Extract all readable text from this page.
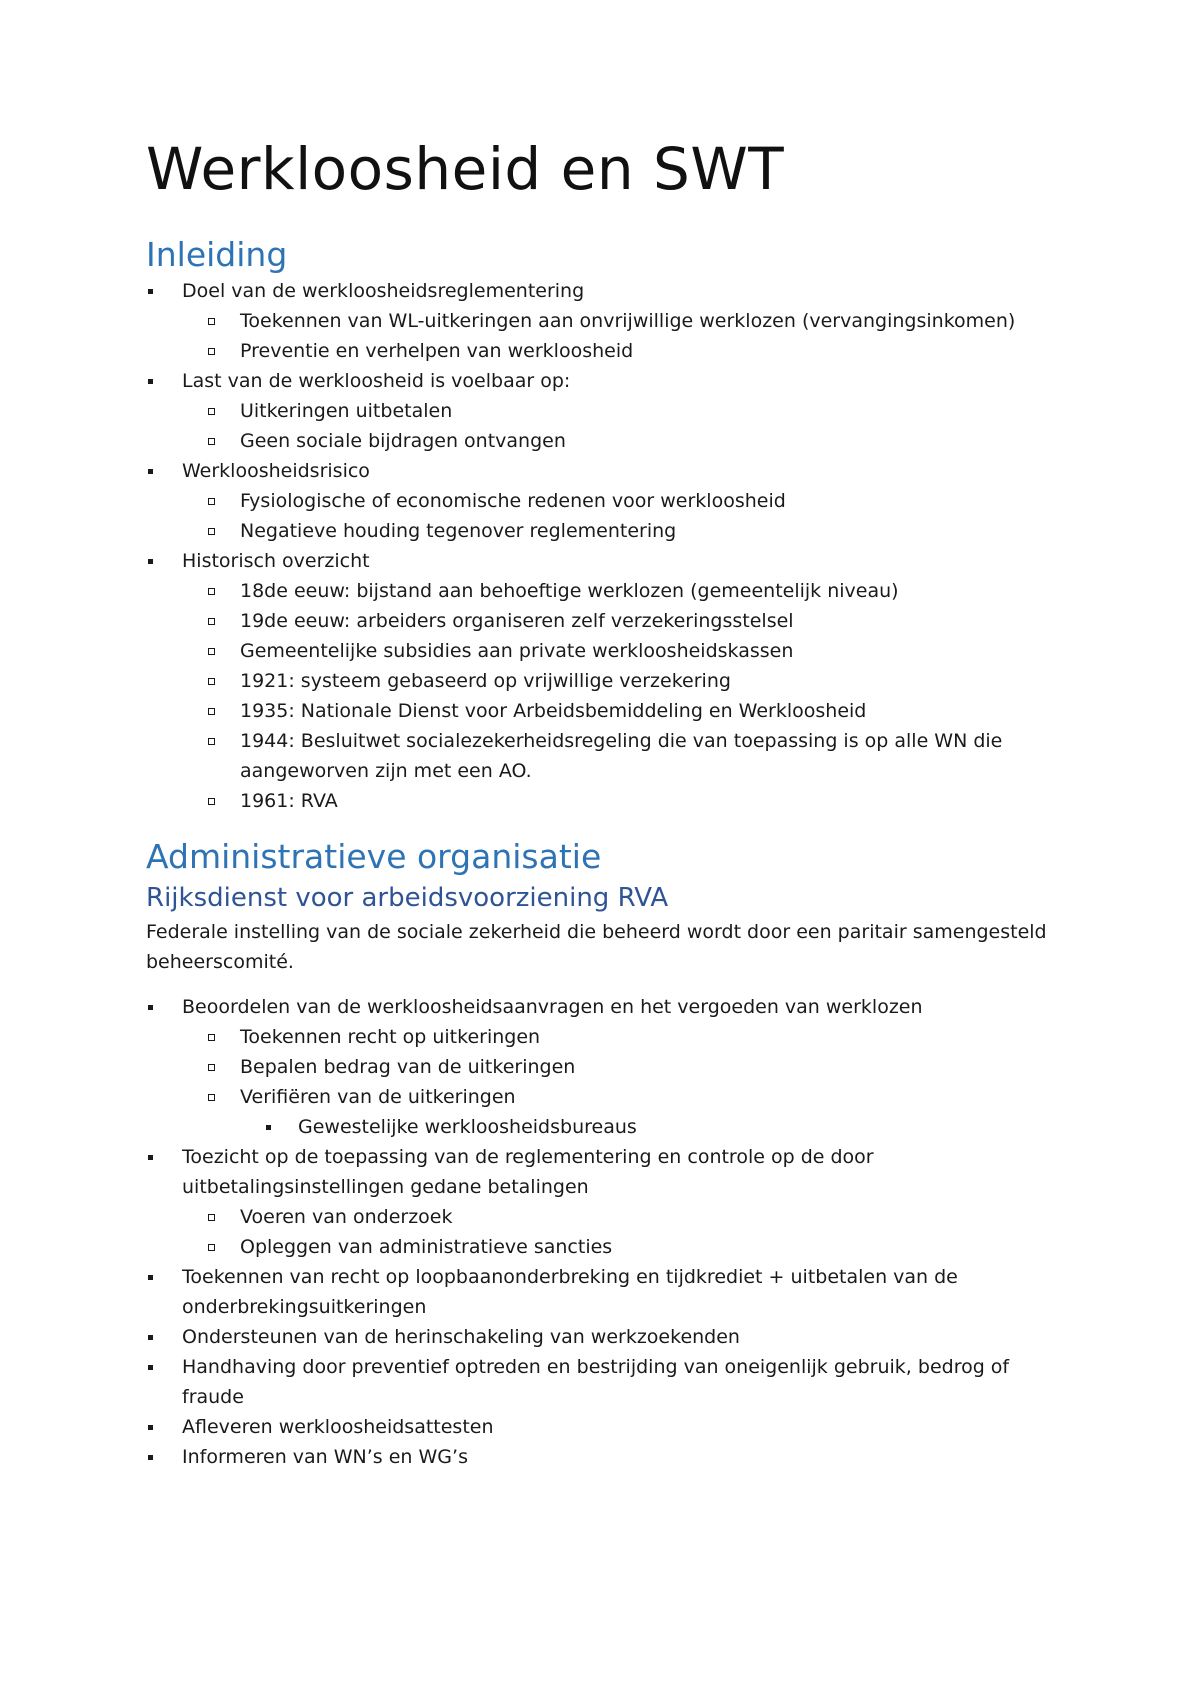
Werkloosheid en SWT
Inleiding
Doel van de werkloosheidsreglementering
Toekennen van WL-uitkeringen aan onvrijwillige werklozen (vervangingsinkomen)
Preventie en verhelpen van werkloosheid
Last van de werkloosheid is voelbaar op:
Uitkeringen uitbetalen
Geen sociale bijdragen ontvangen
Werkloosheidsrisico
Fysiologische of economische redenen voor werkloosheid
Negatieve houding tegenover reglementering
Historisch overzicht
18de eeuw: bijstand aan behoeftige werklozen (gemeentelijk niveau)
19de eeuw: arbeiders organiseren zelf verzekeringsstelsel
Gemeentelijke subsidies aan private werkloosheidskassen
1921: systeem gebaseerd op vrijwillige verzekering
1935: Nationale Dienst voor Arbeidsbemiddeling en Werkloosheid
1944: Besluitwet socialezekerheidsregeling die van toepassing is op alle WN die aangeworven zijn met een AO.
1961: RVA
Administratieve organisatie
Rijksdienst voor arbeidsvoorziening RVA

Federale instelling van de sociale zekerheid die beheerd wordt door een paritair samengesteld beheerscomité.

Beoordelen van de werkloosheidsaanvragen en het vergoeden van werklozen
Toekennen recht op uitkeringen
Bepalen bedrag van de uitkeringen
Verifiëren van de uitkeringen
Gewestelijke werkloosheidsbureaus
Toezicht op de toepassing van de reglementering en controle op de door uitbetalingsinstellingen gedane betalingen
Voeren van onderzoek
Opleggen van administratieve sancties
Toekennen van recht op loopbaanonderbreking en tijdkrediet + uitbetalen van de onderbrekingsuitkeringen
Ondersteunen van de herinschakeling van werkzoekenden
Handhaving door preventief optreden en bestrijding van oneigenlijk gebruik, bedrog of fraude
Afleveren werkloosheidsattesten
Informeren van WN’s en WG’s
